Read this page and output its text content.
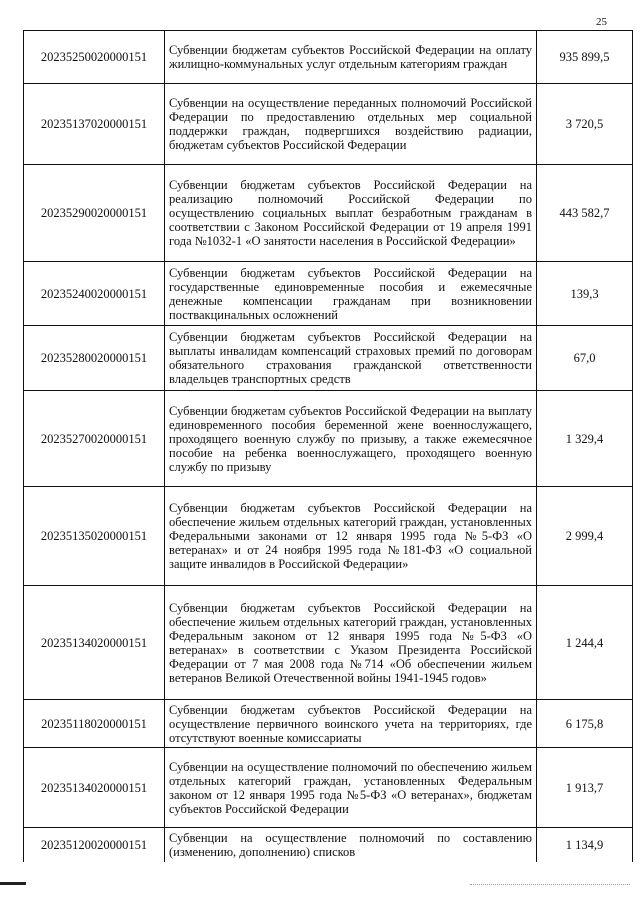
25
20235250020000151	Субвенции бюджетам субъектов Российской Федерации на оплату жилищно-коммунальных услуг отдельным категориям граждан	935 899,5
20235137020000151	Субвенции на осуществление переданных полномочий Российской Федерации по предоставлению отдельных мер социальной поддержки граждан, подвергшихся воздействию радиации, бюджетам субъектов Российской Федерации	3 720,5
20235290020000151	Субвенции бюджетам субъектов Российской Федерации на реализацию полномочий Российской Федерации по осуществлению социальных выплат безработным гражданам в соответствии с Законом Российской Федерации от 19 апреля 1991 года №1032-1 «О занятости населения в Российской Федерации»	443 582,7
20235240020000151	Субвенции бюджетам субъектов Российской Федерации на государственные единовременные пособия и ежемесячные денежные компенсации гражданам при возникновении поствакцинальных осложнений	139,3
20235280020000151	Субвенции бюджетам субъектов Российской Федерации на выплаты инвалидам компенсаций страховых премий по договорам обязательного страхования гражданской ответственности владельцев транспортных средств	67,0
20235270020000151	Субвенции бюджетам субъектов Российской Федерации на выплату единовременного пособия беременной жене военнослужащего, проходящего военную службу по призыву, а также ежемесячное пособие на ребенка военнослужащего, проходящего военную службу по призыву	1 329,4
20235135020000151	Субвенции бюджетам субъектов Российской Федерации на обеспечение жильем отдельных категорий граждан, установленных Федеральными законами от 12 января 1995 года №5-ФЗ «О ветеранах» и от 24 ноября 1995 года №181-ФЗ «О социальной защите инвалидов в Российской Федерации»	2 999,4
20235134020000151	Субвенции бюджетам субъектов Российской Федерации на обеспечение жильем отдельных категорий граждан, установленных Федеральным законом от 12 января 1995 года №5-ФЗ «О ветеранах» в соответствии с Указом Президента Российской Федерации от 7 мая 2008 года №714 «Об обеспечении жильем ветеранов Великой Отечественной войны 1941-1945 годов»	1 244,4
20235118020000151	Субвенции бюджетам субъектов Российской Федерации на осуществление первичного воинского учета на территориях, где отсутствуют военные комиссариаты	6 175,8
20235134020000151	Субвенции на осуществление полномочий по обеспечению жильем отдельных категорий граждан, установленных Федеральным законом от 12 января 1995 года №5-ФЗ «О ветеранах», бюджетам субъектов Российской Федерации	1 913,7
20235120020000151	Субвенции на осуществление полномочий по составлению (изменению, дополнению) списков	1 134,9
